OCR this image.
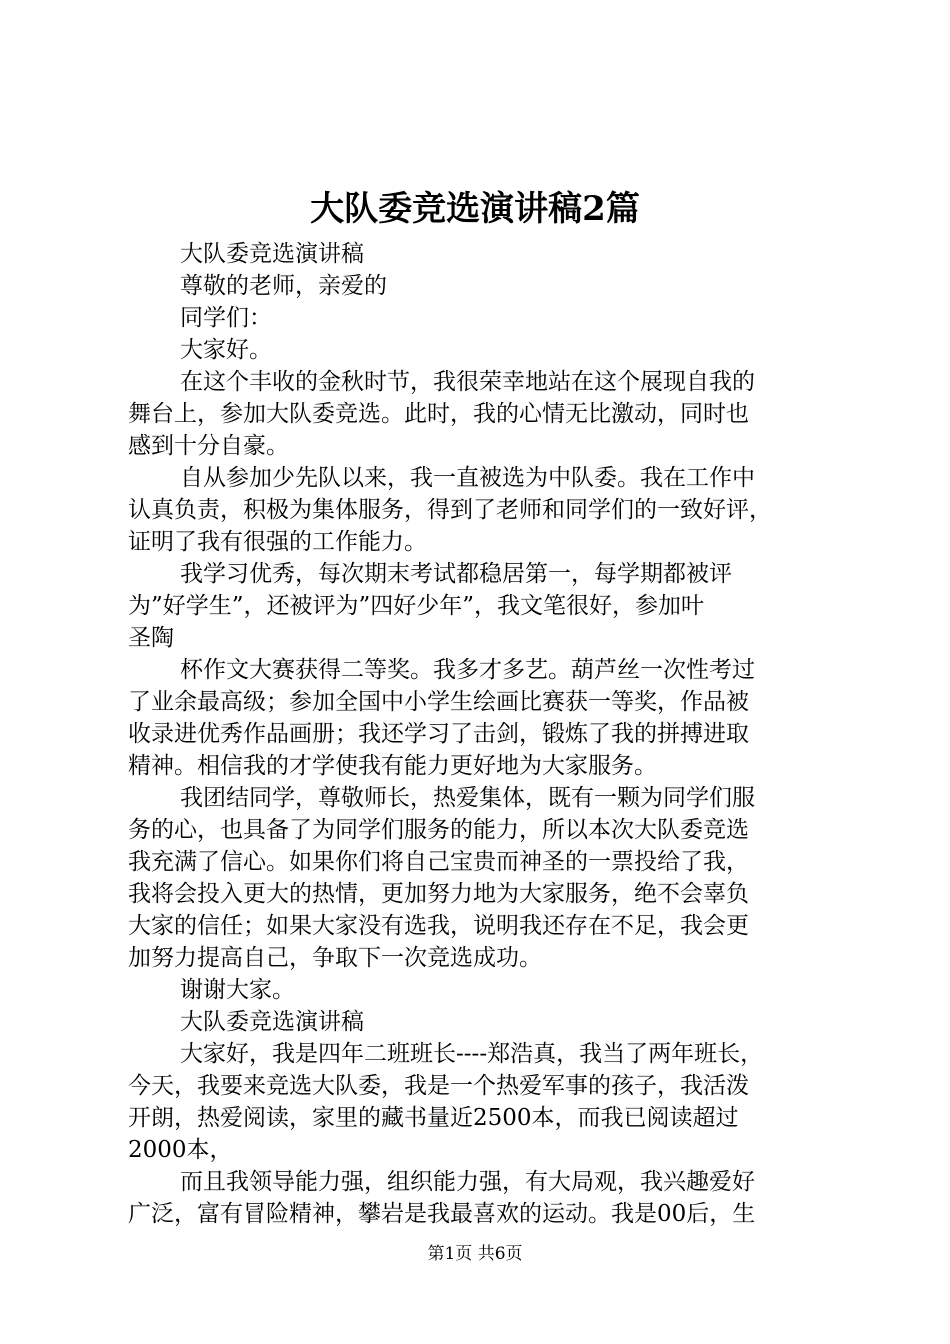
大队委竞选演讲稿2篇

大队委竞选演讲稿

尊敬的老师，亲爱的

同学们：

大家好。

在这个丰收的金秋时节，我很荣幸地站在这个展现自我的

舞台上，参加大队委竞选。此时，我的心情无比激动，同时也

感到十分自豪。

自从参加少先队以来，我一直被选为中队委。我在工作中

认真负责，积极为集体服务，得到了老师和同学们的一致好评，

证明了我有很强的工作能力。

我学习优秀，每次期末考试都稳居第一，每学期都被评

为”好学生”，还被评为”四好少年”，我文笔很好，参加叶

圣陶

杯作文大赛获得二等奖。我多才多艺。葫芦丝一次性考过

了业余最高级；参加全国中小学生绘画比赛获一等奖，作品被

收录进优秀作品画册；我还学习了击剑，锻炼了我的拼搏进取

精神。相信我的才学使我有能力更好地为大家服务。

我团结同学，尊敬师长，热爱集体，既有一颗为同学们服

务的心，也具备了为同学们服务的能力，所以本次大队委竞选

我充满了信心。如果你们将自己宝贵而神圣的一票投给了我，

我将会投入更大的热情，更加努力地为大家服务，绝不会辜负

大家的信任；如果大家没有选我，说明我还存在不足，我会更

加努力提高自己，争取下一次竞选成功。

谢谢大家。

大队委竞选演讲稿

大家好，我是四年二班班长----郑浩真，我当了两年班长，

今天，我要来竞选大队委，我是一个热爱军事的孩子，我活泼

开朗，热爱阅读，家里的藏书量近2500本，而我已阅读超过

2000本，

而且我领导能力强，组织能力强，有大局观，我兴趣爱好

广泛，富有冒险精神，攀岩是我最喜欢的运动。我是00后，生

第1页 共6页
